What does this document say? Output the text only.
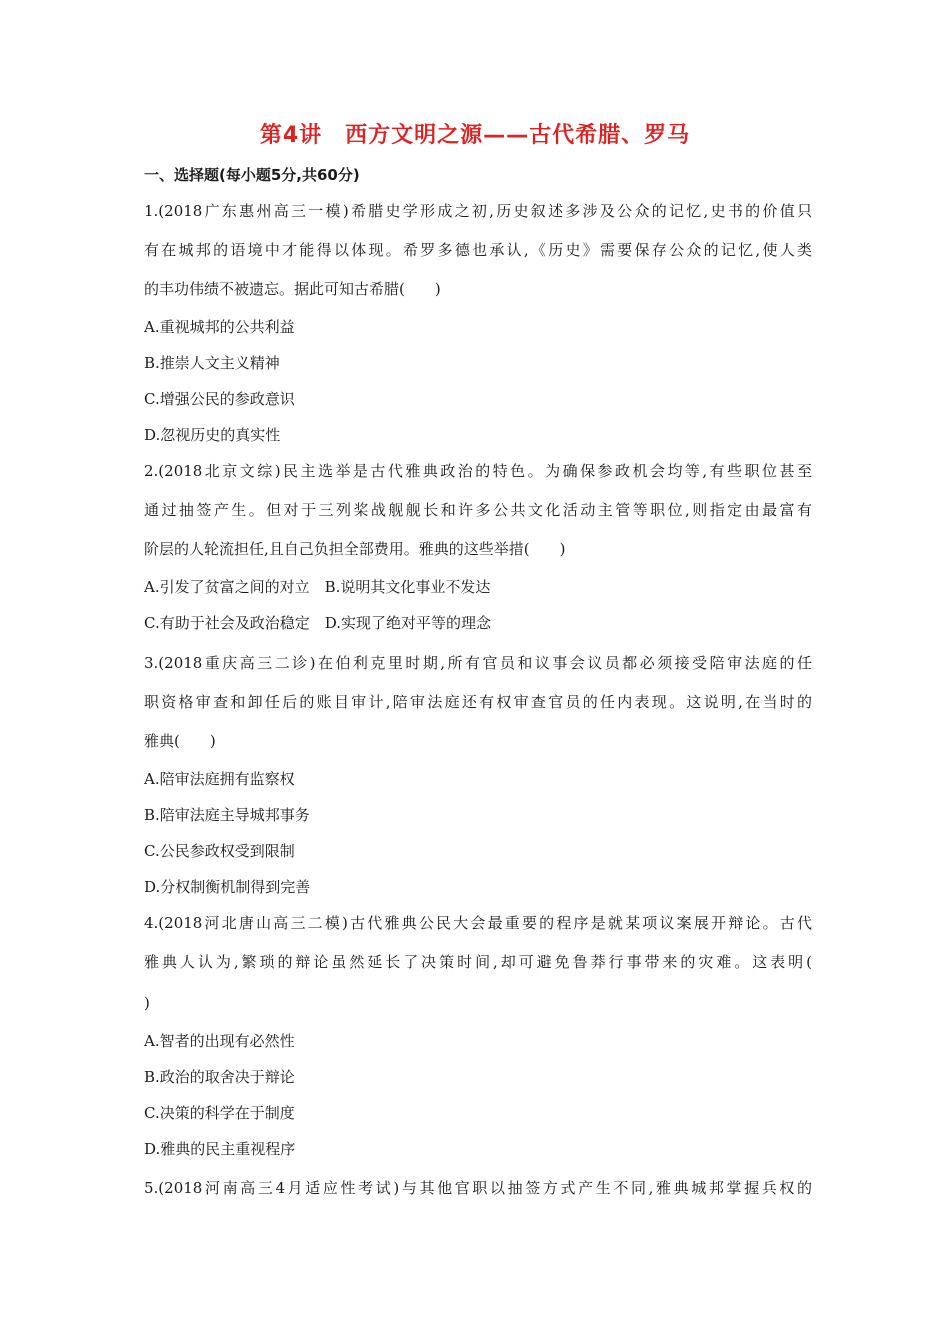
第4讲　西方文明之源——古代希腊、罗马
一、选择题(每小题5分,共60分)
1.(2018广东惠州高三一模)希腊史学形成之初,历史叙述多涉及公众的记忆,史书的价值只
有在城邦的语境中才能得以体现。希罗多德也承认,《历史》需要保存公众的记忆,使人类
的丰功伟绩不被遗忘。据此可知古希腊(　　)
A.重视城邦的公共利益
B.推崇人文主义精神
C.增强公民的参政意识
D.忽视历史的真实性
2.(2018北京文综)民主选举是古代雅典政治的特色。为确保参政机会均等,有些职位甚至
通过抽签产生。但对于三列桨战舰舰长和许多公共文化活动主管等职位,则指定由最富有
阶层的人轮流担任,且自己负担全部费用。雅典的这些举措(　　)
A.引发了贫富之间的对立　B.说明其文化事业不发达
C.有助于社会及政治稳定　D.实现了绝对平等的理念
3.(2018重庆高三二诊)在伯利克里时期,所有官员和议事会议员都必须接受陪审法庭的任
职资格审查和卸任后的账目审计,陪审法庭还有权审查官员的任内表现。这说明,在当时的
雅典(　　)
A.陪审法庭拥有监察权
B.陪审法庭主导城邦事务
C.公民参政权受到限制
D.分权制衡机制得到完善
4.(2018河北唐山高三二模)古代雅典公民大会最重要的程序是就某项议案展开辩论。古代
雅典人认为,繁琐的辩论虽然延长了决策时间,却可避免鲁莽行事带来的灾难。这表明(
)
A.智者的出现有必然性
B.政治的取舍决于辩论
C.决策的科学在于制度
D.雅典的民主重视程序
5.(2018河南高三4月适应性考试)与其他官职以抽签方式产生不同,雅典城邦掌握兵权的
